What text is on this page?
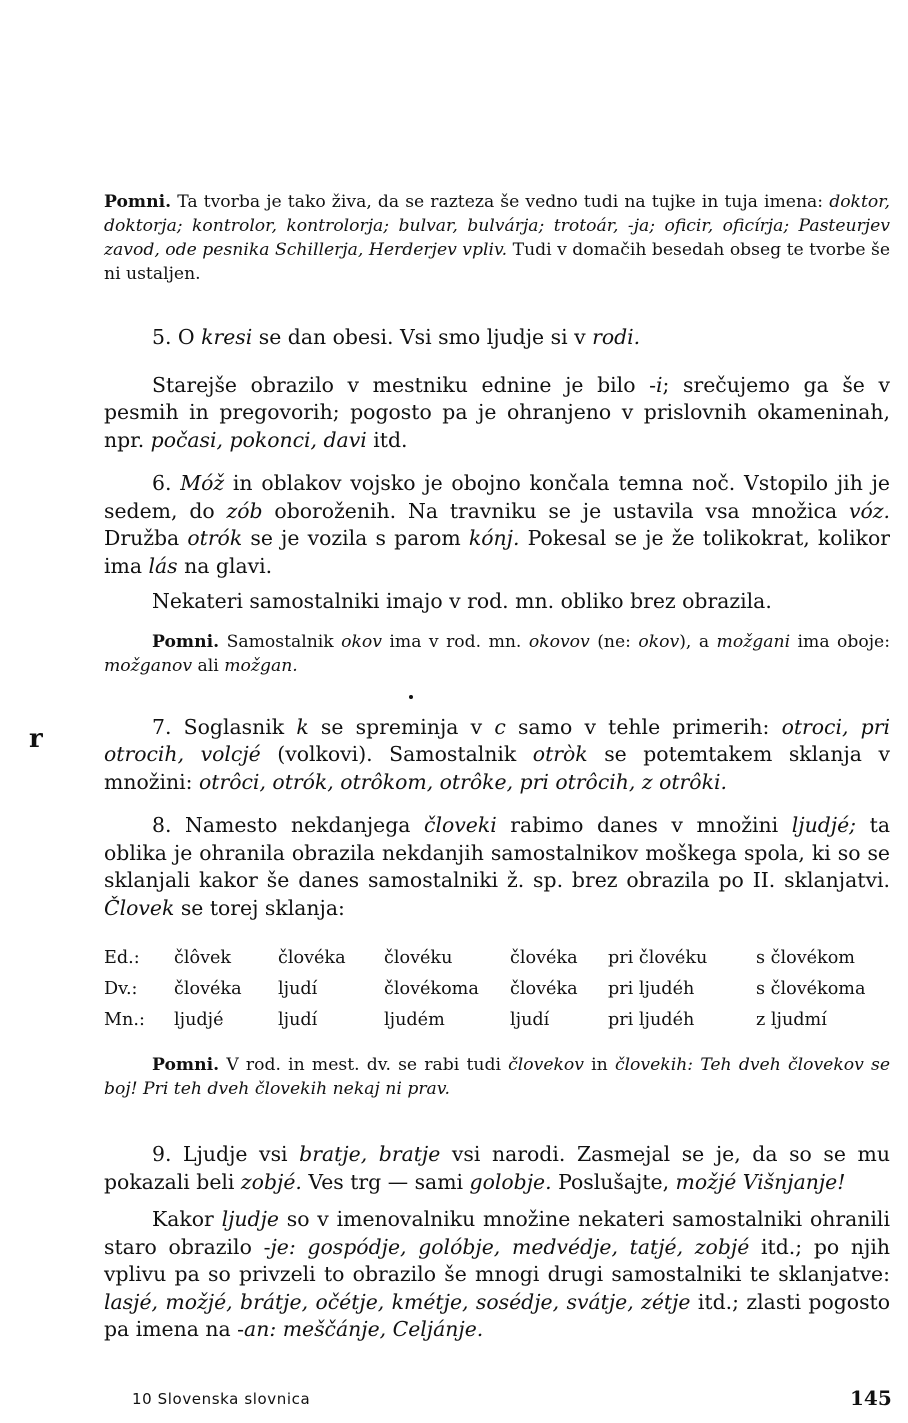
Pomni. Ta tvorba je tako živa, da se razteza še vedno tudi na tujke in tuja imena: doktor, doktorja; kontrolor, kontrolorja; bulvar, bulvárja; trotoár, -ja; oficir, oficírja; Pasteurjev zavod, ode pesnika Schillerja, Herderjev vpliv. Tudi v domačih besedah obseg te tvorbe še ni ustaljen.

5. O kresi se dan obesi. Vsi smo ljudje si v rodi.

Starejše obrazilo v mestniku ednine je bilo -i; srečujemo ga še v pesmih in pregovorih; pogosto pa je ohranjeno v prislovnih okameninah, npr. počasi, pokonci, davi itd.

6. Móž in oblakov vojsko je obojno končala temna noč. Vstopilo jih je sedem, do zób oboroženih. Na travniku se je ustavila vsa množica vóz. Družba otrók se je vozila s parom kónj. Pokesal se je že tolikokrat, kolikor ima lás na glavi.

Nekateri samostalniki imajo v rod. mn. obliko brez obrazila.

Pomni. Samostalnik okov ima v rod. mn. okovov (ne: okov), a možgani ima oboje: možganov ali možgan.

7. Soglasnik k se spreminja v c samo v tehle primerih: otroci, pri otrocih, volcjé (volkovi). Samostalnik otròk se potemtakem sklanja v množini: otrôci, otrók, otrôkom, otrôke, pri otrôcih, z otrôki.

8. Namesto nekdanjega človeki rabimo danes v množini ljudjé; ta oblika je ohranila obrazila nekdanjih samostalnikov moškega spola, ki so se sklanjali kakor še danes samostalniki ž. sp. brez obrazila po II. sklanjatvi. Človek se torej sklanja:

Ed.:	člôvek	človéka	človéku	človéka	pri človéku	s človékom
Dv.:	človéka	ljudí	človékoma	človéka	pri ljudéh	s človékoma
Mn.:	ljudjé	ljudí	ljudém	ljudí	pri ljudéh	z ljudmí

Pomni. V rod. in mest. dv. se rabi tudi človekov in človekih: Teh dveh človekov se boj! Pri teh dveh človekih nekaj ni prav.

9. Ljudje vsi bratje, bratje vsi narodi. Zasmejal se je, da so se mu pokazali beli zobjé. Ves trg — sami golobje. Poslušajte, možjé Višnjanje!

Kakor ljudje so v imenovalniku množine nekateri samostalniki ohranili staro obrazilo -je: gospódje, golóbje, medvédje, tatjé, zobjé itd.; po njih vplivu pa so privzeli to obrazilo še mnogi drugi samostalniki te sklanjatve: lasjé, možjé, brátje, očétje, kmétje, sosédje, svátje, zétje itd.; zlasti pogosto pa imena na -an: meščánje, Celjánje.

r
10 Slovenska slovnica	145
